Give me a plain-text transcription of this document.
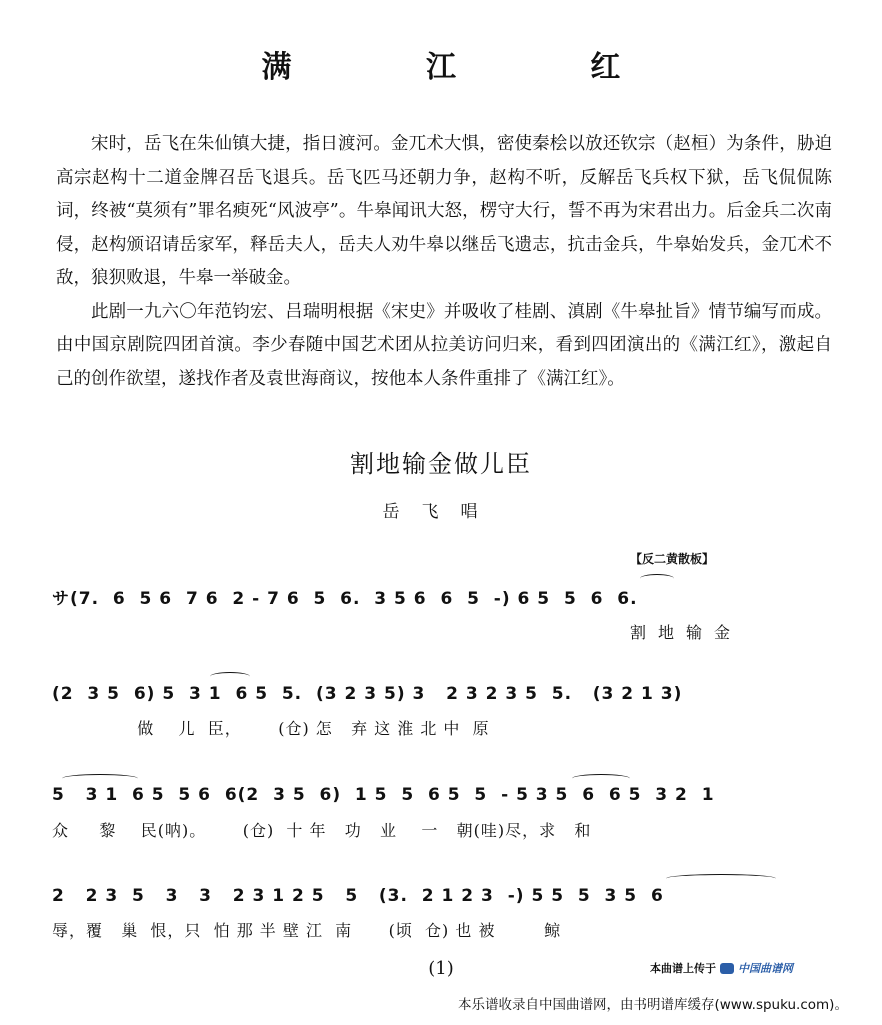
满 江 红

宋时，岳飞在朱仙镇大捷，指日渡河。金兀术大惧，密使秦桧以放还钦宗（赵桓）为条件，胁迫高宗赵构十二道金牌召岳飞退兵。岳飞匹马还朝力争，赵构不听，反解岳飞兵权下狱，岳飞侃侃陈词，终被“莫须有”罪名瘐死“风波亭”。牛皋闻讯大怒，楞守大行，誓不再为宋君出力。后金兵二次南侵，赵构颁诏请岳家军，释岳夫人，岳夫人劝牛皋以继岳飞遗志，抗击金兵，牛皋始发兵，金兀术不敌，狼狈败退，牛皋一举破金。

此剧一九六〇年范钧宏、吕瑞明根据《宋史》并吸收了桂剧、滇剧《牛皋扯旨》情节编写而成。由中国京剧院四团首演。李少春随中国艺术团从拉美访问归来，看到四团演出的《满江红》，激起自己的创作欲望，遂找作者及袁世海商议，按他本人条件重排了《满江红》。

割地输金做儿臣
岳飞唱
【反二黄散板】
サ(7.  6  5 6  7 6  2 - 7 6  5  6.  3 5 6  6  5  -) 6 5  5  6  6.
割地输金
(2  3 5  6) 5  3 1  6 5  5.  (3 2 3 5) 3   2 3 2 3 5  5.   (3 2 1 3)
做    儿  臣，      (仓) 怎   弃 这 淮 北 中  原
5   3 1  6 5  5 6  6(2  3 5  6)  1 5  5  6 5  5  - 5 3 5  6  6 5  3 2  1
众     黎    民(呐)。      (仓)  十 年   功   业    一   朝(哇)尽，求   和
2   2 3  5   3   3   2 3 1 2 5   5   (3.  2 1 2 3  -) 5 5  5  3 5  6
辱，覆   巢  恨，只  怕 那 半 壁 江  南      (顷  仓) 也 被        鲸
(1)	本曲谱上传于 中国曲谱网
本乐谱收录自中国曲谱网，由书明谱库缓存(www.spuku.com)。
